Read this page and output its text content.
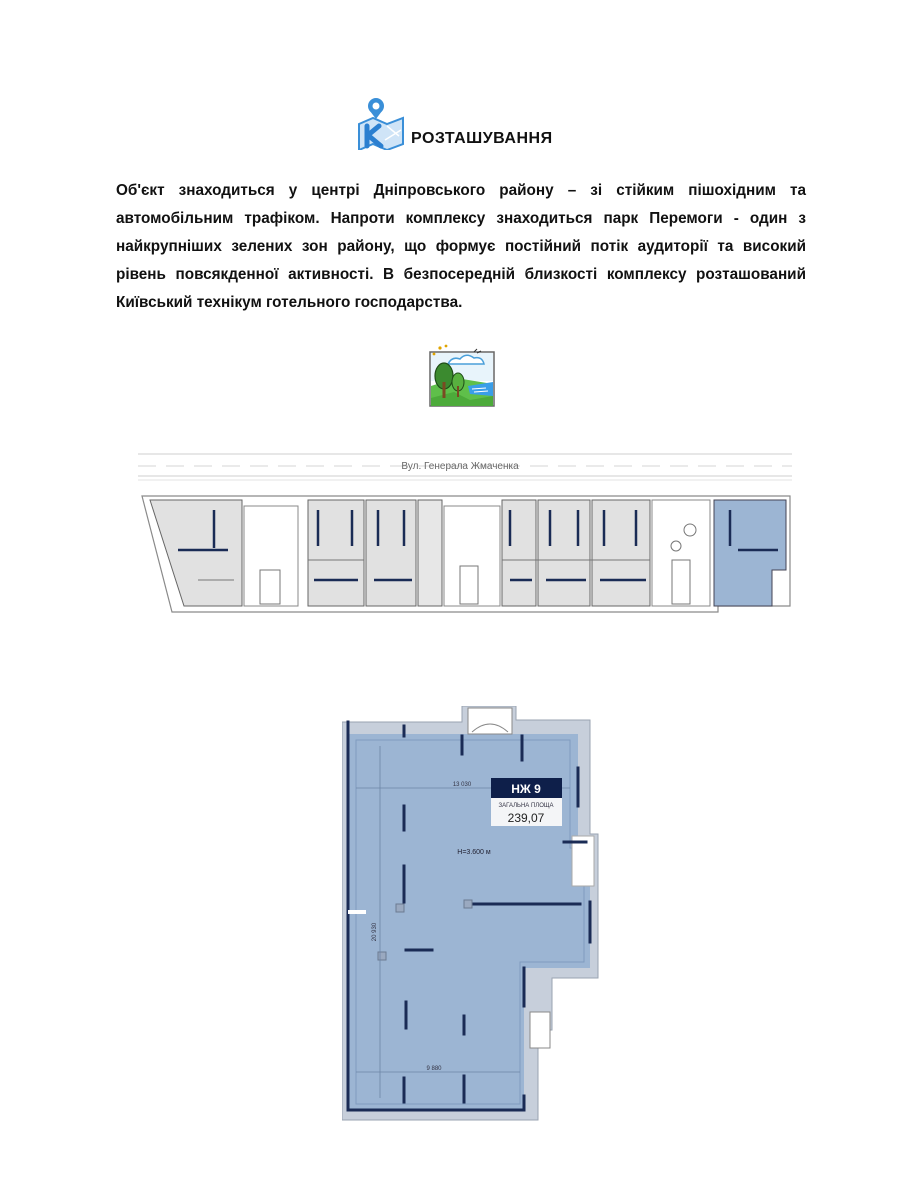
РОЗТАШУВАННЯ
Об'єкт знаходиться у центрі Дніпровського району – зі стійким пішохідним та автомобільним трафіком. Напроти комплексу знаходиться парк Перемоги - один з найкрупніших зелених зон району, що формує постійний потік аудиторії та високий рівень повсякденної активності. В безпосередній близкості комплексу розташований Київський технікум готельного господарства.
Вул. Генерала Жмаченка
13 030
9 880
20 930
Н=3.600 м
НЖ 9
ЗАГАЛЬНА ПЛОЩА
239,07
